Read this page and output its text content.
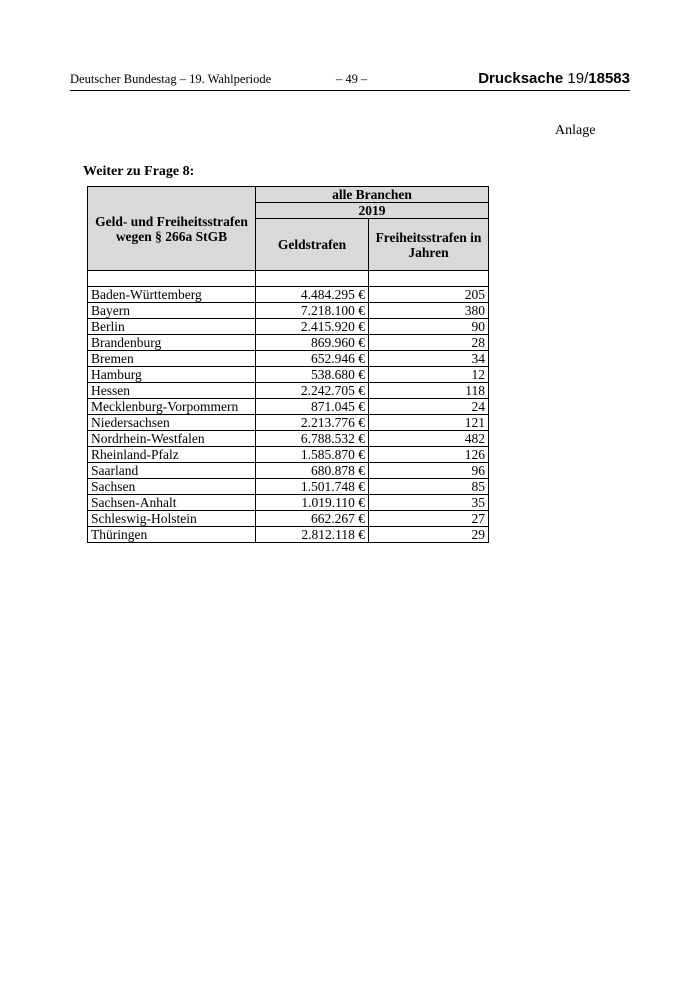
Deutscher Bundestag – 19. Wahlperiode	– 49 –	Drucksache 19/18583
Anlage
Weiter zu Frage 8:
Geld- und Freiheitsstrafen wegen § 266a StGB	alle Branchen	
	2019	
	Geldstrafen	Freiheitsstrafen in Jahren

Baden-Württemberg	4.484.295 €	205
Bayern	7.218.100 €	380
Berlin	2.415.920 €	90
Brandenburg	869.960 €	28
Bremen	652.946 €	34
Hamburg	538.680 €	12
Hessen	2.242.705 €	118
Mecklenburg-Vorpommern	871.045 €	24
Niedersachsen	2.213.776 €	121
Nordrhein-Westfalen	6.788.532 €	482
Rheinland-Pfalz	1.585.870 €	126
Saarland	680.878 €	96
Sachsen	1.501.748 €	85
Sachsen-Anhalt	1.019.110 €	35
Schleswig-Holstein	662.267 €	27
Thüringen	2.812.118 €	29
